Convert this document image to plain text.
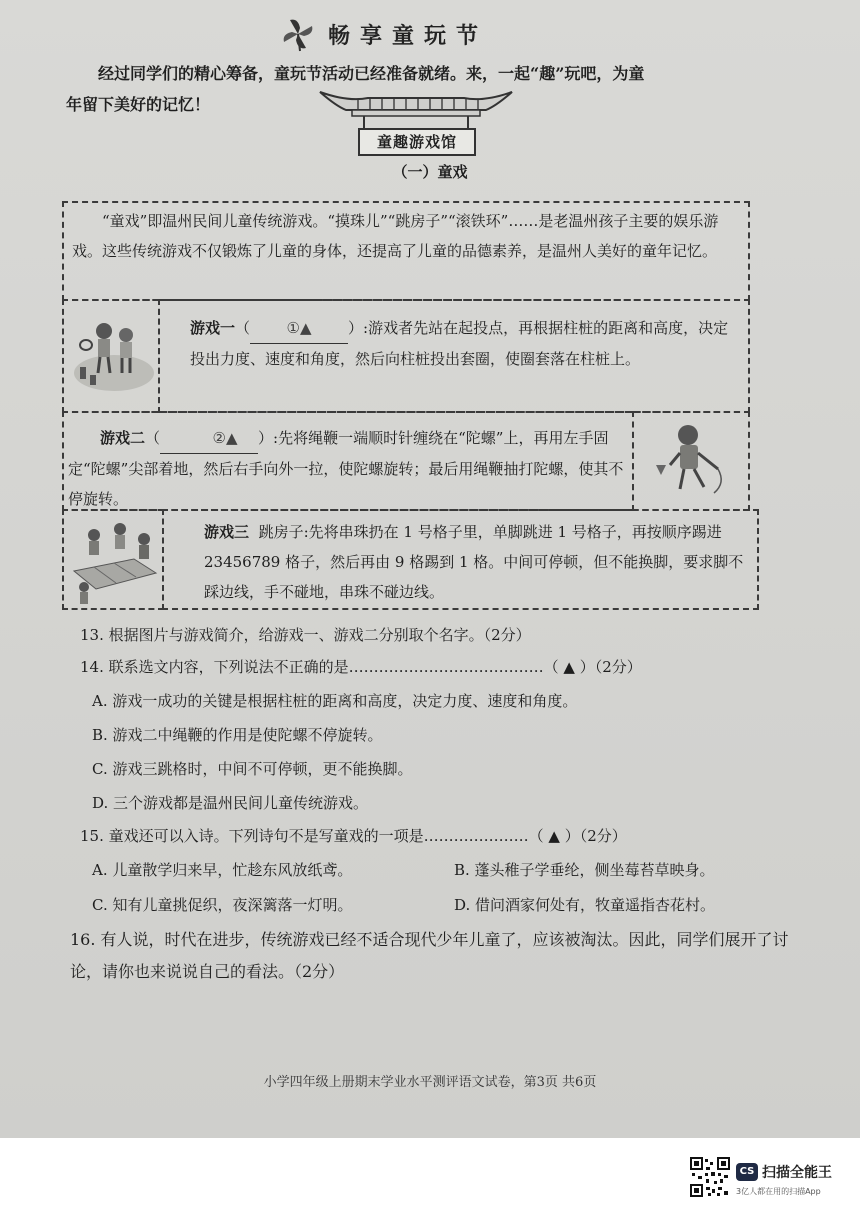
畅享童玩节
经过同学们的精心筹备，童玩节活动已经准备就绪。来，一起“趣”玩吧，为童
年留下美好的记忆！
童趣游戏馆
（一）童戏

“童戏”即温州民间儿童传统游戏。“摸珠儿”“跳房子”“滚铁环”……是老温州孩子主要的娱乐游戏。这些传统游戏不仅锻炼了儿童的身体，还提高了儿童的品德素养，是温州人美好的童年记忆。

游戏一（ ①▲ ）:游戏者先站在起投点，再根据柱桩的距离和高度，决定投出力度、速度和角度，然后向柱桩投出套圈，使圈套落在柱桩上。

游戏二（	②▲ ）:先将绳鞭一端顺时针缠绕在“陀螺”上，再用左手固定“陀螺”尖部着地，然后右手向外一拉，使陀螺旋转；最后用绳鞭抽打陀螺，使其不停旋转。

游戏三 跳房子:先将串珠扔在 1 号格子里，单脚跳进 1 号格子，再按顺序踢进 23456789 格子，然后再由 9 格踢到 1 格。中间可停顿，但不能换脚，要求脚不踩边线，手不碰地，串珠不碰边线。

13. 根据图片与游戏简介，给游戏一、游戏二分别取个名字。（2分）
14. 联系选文内容，下列说法不正确的是…………………………………（ ▲ ）（2分）
A. 游戏一成功的关键是根据柱桩的距离和高度，决定力度、速度和角度。
B. 游戏二中绳鞭的作用是使陀螺不停旋转。
C. 游戏三跳格时，中间不可停顿，更不能换脚。
D. 三个游戏都是温州民间儿童传统游戏。
15. 童戏还可以入诗。下列诗句不是写童戏的一项是…………………（ ▲ ）（2分）
A. 儿童散学归来早，忙趁东风放纸鸢。	B. 蓬头稚子学垂纶，侧坐莓苔草映身。
C. 知有儿童挑促织，夜深篱落一灯明。	D. 借问酒家何处有，牧童遥指杏花村。
16. 有人说，时代在进步，传统游戏已经不适合现代少年儿童了，应该被淘汰。因此，同学们展开了讨论，请你也来说说自己的看法。（2分）
小学四年级上册期末学业水平测评语文试卷，第3页 共6页
CS 扫描全能王
3亿人都在用的扫描App
